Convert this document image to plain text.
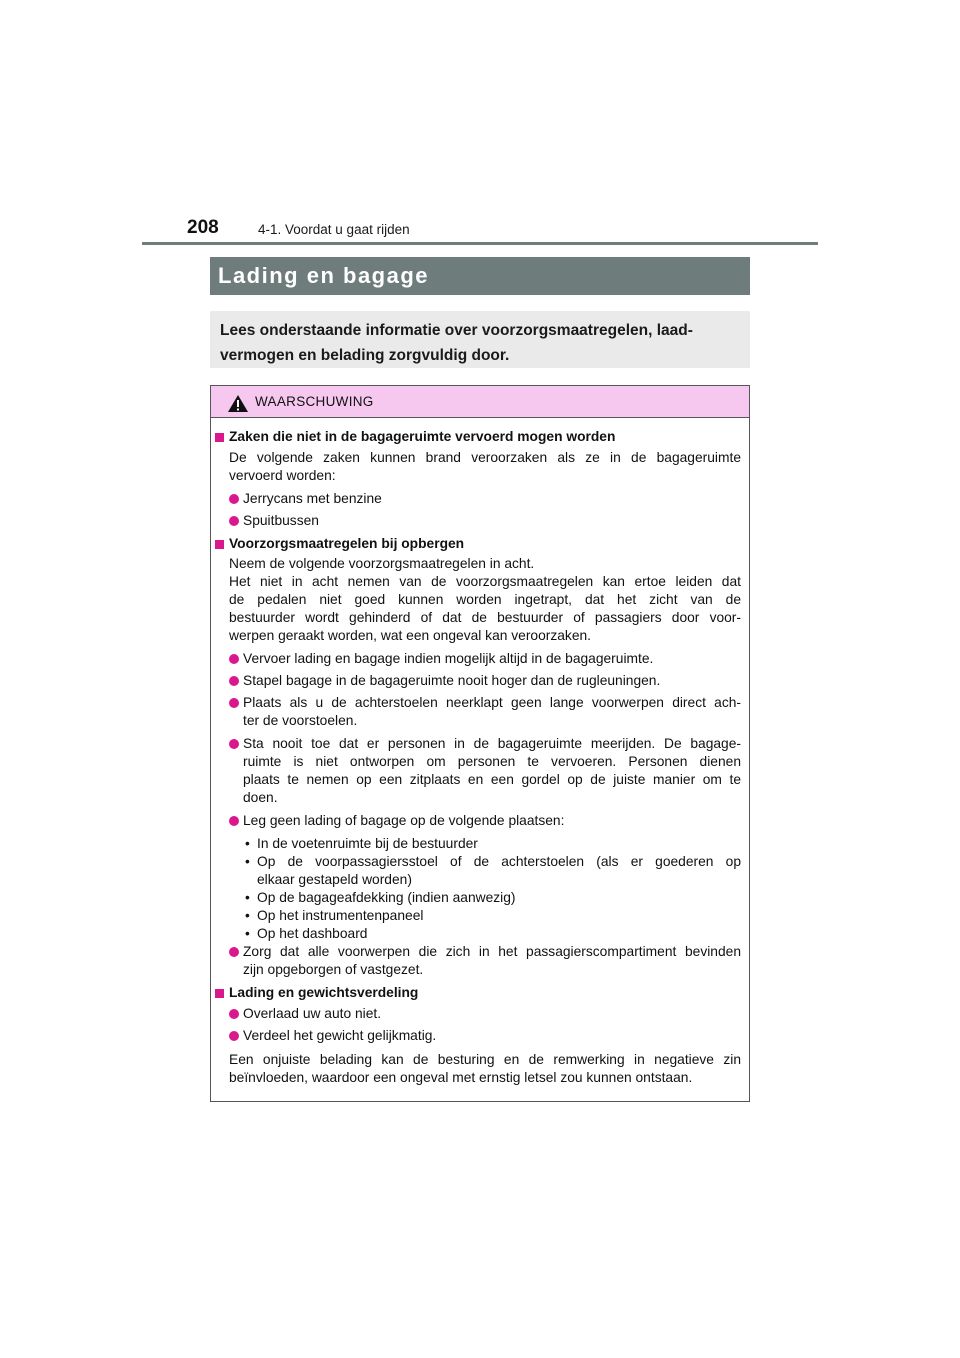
208	4-1. Voordat u gaat rijden
Lading en bagage
Lees onderstaande informatie over voorzorgsmaatregelen, laad-
vermogen en belading zorgvuldig door.
WAARSCHUWING
Zaken die niet in de bagageruimte vervoerd mogen worden
De volgende zaken kunnen brand veroorzaken als ze in de bagageruimte
vervoerd worden:
Jerrycans met benzine
Spuitbussen
Voorzorgsmaatregelen bij opbergen
Neem de volgende voorzorgsmaatregelen in acht.
Het niet in acht nemen van de voorzorgsmaatregelen kan ertoe leiden dat
de pedalen niet goed kunnen worden ingetrapt, dat het zicht van de
bestuurder wordt gehinderd of dat de bestuurder of passagiers door voor-
werpen geraakt worden, wat een ongeval kan veroorzaken.
Vervoer lading en bagage indien mogelijk altijd in de bagageruimte.
Stapel bagage in de bagageruimte nooit hoger dan de rugleuningen.
Plaats als u de achterstoelen neerklapt geen lange voorwerpen direct ach-
ter de voorstoelen.
Sta nooit toe dat er personen in de bagageruimte meerijden. De bagage-
ruimte is niet ontworpen om personen te vervoeren. Personen dienen
plaats te nemen op een zitplaats en een gordel op de juiste manier om te
doen.
Leg geen lading of bagage op de volgende plaatsen:
• In de voetenruimte bij de bestuurder
• Op de voorpassagiersstoel of de achterstoelen (als er goederen op
elkaar gestapeld worden)
• Op de bagageafdekking (indien aanwezig)
• Op het instrumentenpaneel
• Op het dashboard
Zorg dat alle voorwerpen die zich in het passagierscompartiment bevinden
zijn opgeborgen of vastgezet.
Lading en gewichtsverdeling
Overlaad uw auto niet.
Verdeel het gewicht gelijkmatig.
Een onjuiste belading kan de besturing en de remwerking in negatieve zin
beïnvloeden, waardoor een ongeval met ernstig letsel zou kunnen ontstaan.
